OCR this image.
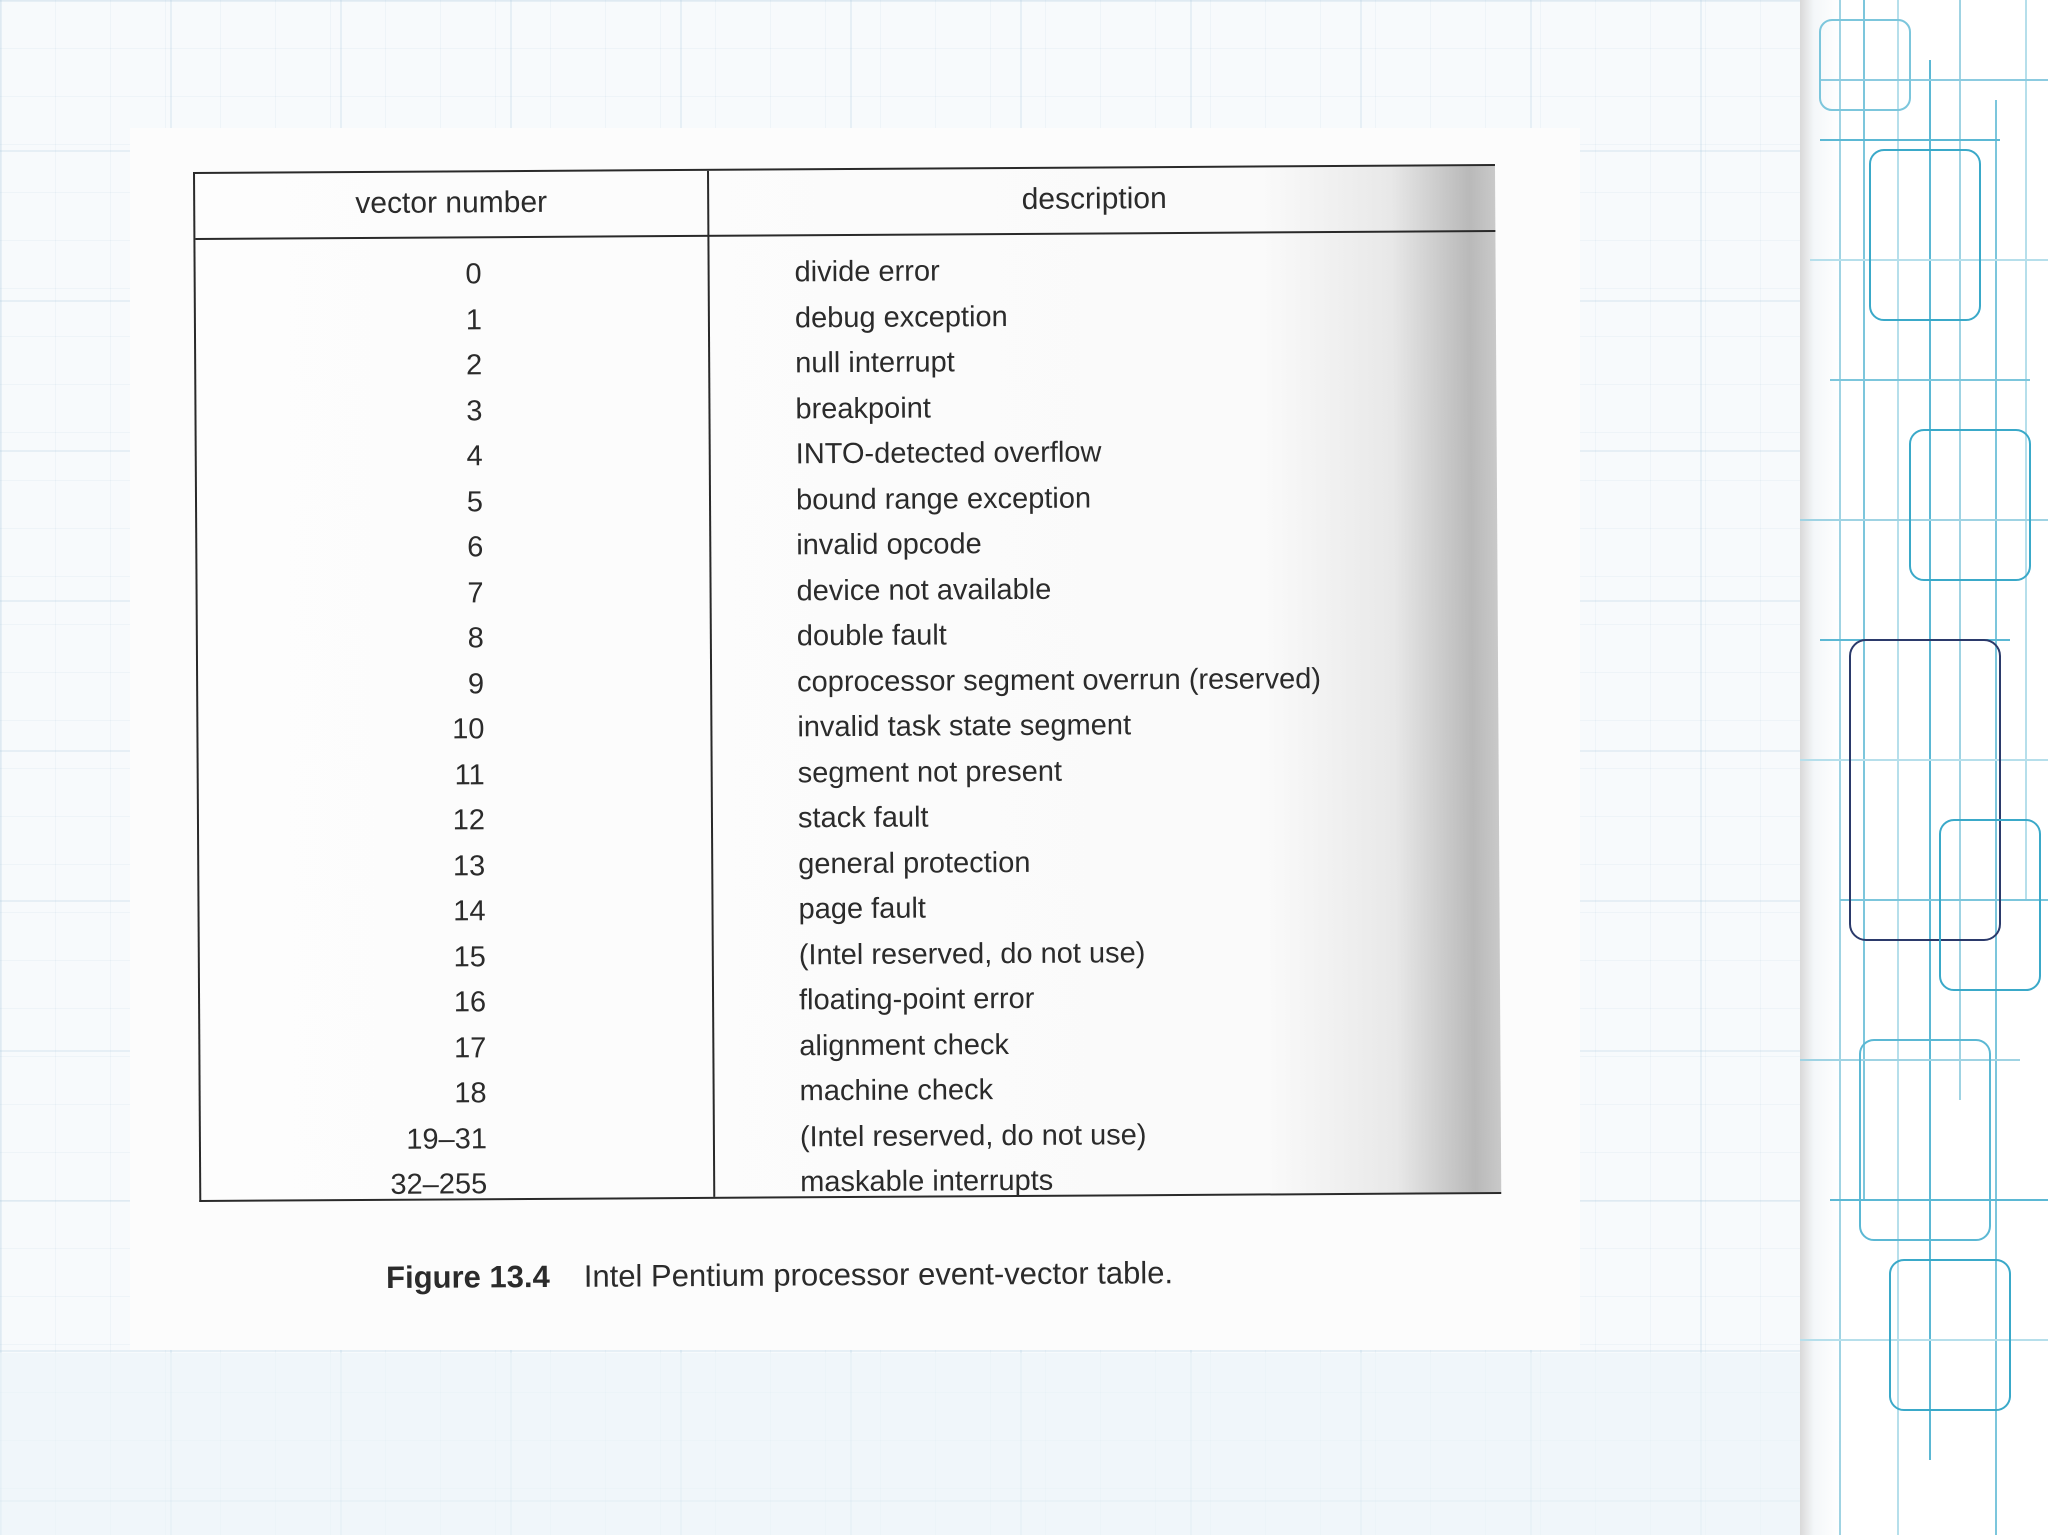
vector number	description
0	divide error
1	debug exception
2	null interrupt
3	breakpoint
4	INTO-detected overflow
5	bound range exception
6	invalid opcode
7	device not available
8	double fault
9	coprocessor segment overrun (reserved)
10	invalid task state segment
11	segment not present
12	stack fault
13	general protection
14	page fault
15	(Intel reserved, do not use)
16	floating-point error
17	alignment check
18	machine check
19–31	(Intel reserved, do not use)
32–255	maskable interrupts
Figure 13.4 Intel Pentium processor event-vector table.
